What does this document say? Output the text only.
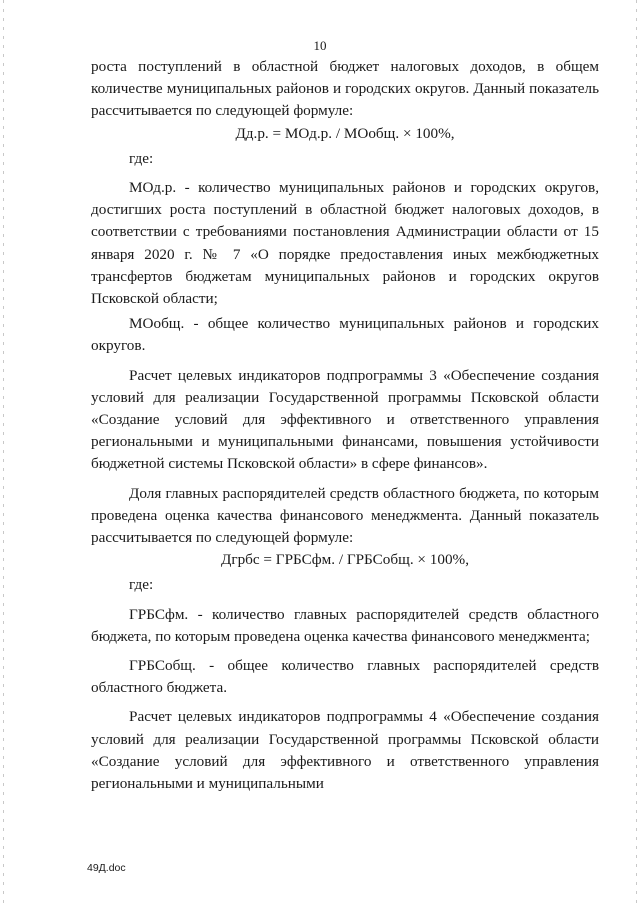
10

роста поступлений в областной бюджет налоговых доходов, в общем количестве муниципальных районов и городских округов. Данный показатель рассчитывается по следующей формуле:

Дд.р. = МОд.р. / МОобщ. × 100%,

где:

МОд.р. - количество муниципальных районов и городских округов, достигших роста поступлений в областной бюджет налоговых доходов, в соответствии с требованиями постановления Администрации области от 15 января 2020 г. № 7 «О порядке предоставления иных межбюджетных трансфертов бюджетам муниципальных районов и городских округов Псковской области;

МОобщ. - общее количество муниципальных районов и городских округов.

Расчет целевых индикаторов подпрограммы 3 «Обеспечение создания условий для реализации Государственной программы Псковской области «Создание условий для эффективного и ответственного управления региональными и муниципальными финансами, повышения устойчивости бюджетной системы Псковской области» в сфере финансов».

Доля главных распорядителей средств областного бюджета, по которым проведена оценка качества финансового менеджмента. Данный показатель рассчитывается по следующей формуле:

Дгрбс = ГРБСфм. / ГРБСобщ. × 100%,

где:

ГРБСфм. - количество главных распорядителей средств областного бюджета, по которым проведена оценка качества финансового менеджмента;

ГРБСобщ. - общее количество главных распорядителей средств областного бюджета.

Расчет целевых индикаторов подпрограммы 4 «Обеспечение создания условий для реализации Государственной программы Псковской области «Создание условий для эффективного и ответственного управления региональными и муниципальными

49Д.doc
